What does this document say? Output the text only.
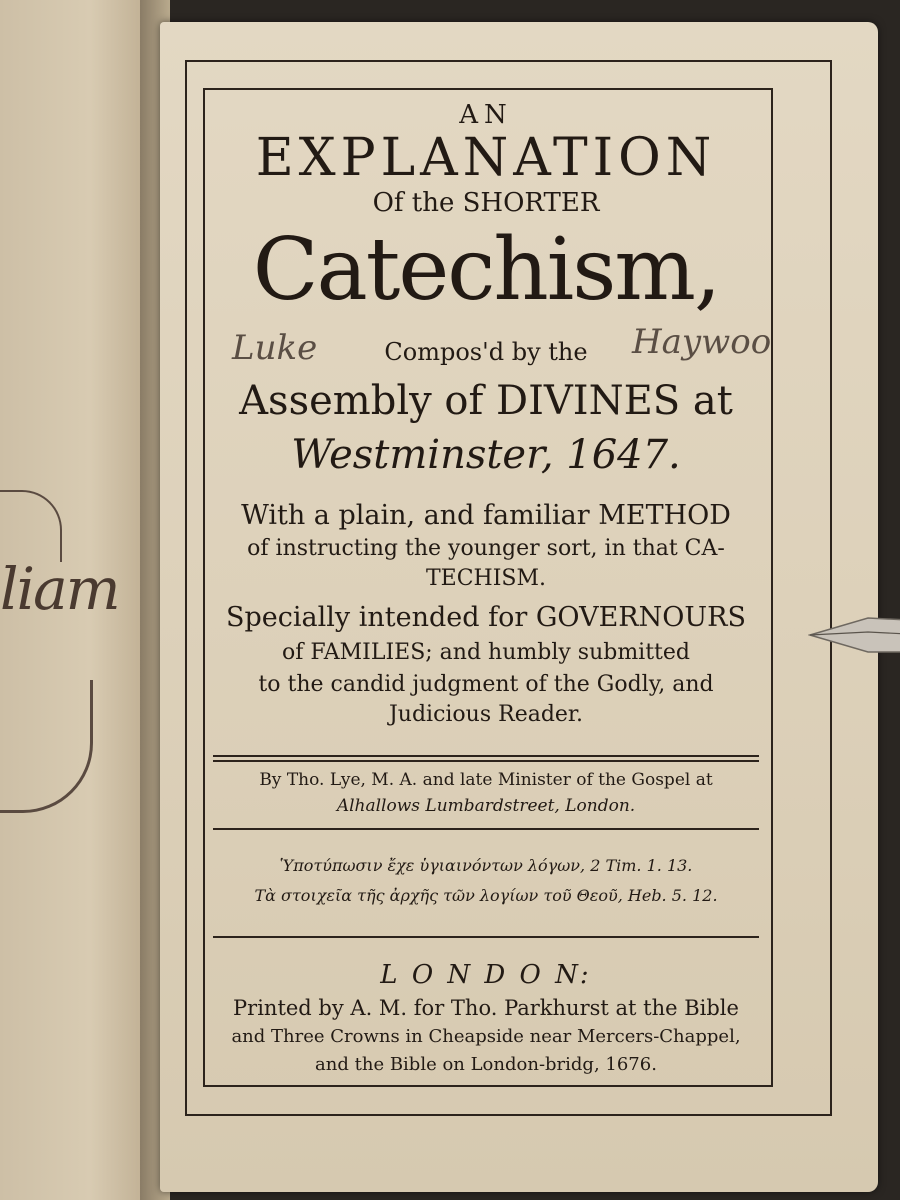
liam

AN

EXPLANATION

Of the SHORTER

Catechism,

Luke	Compos'd by the	Haywoo

Assembly of DIVINES at

Westminster, 1647.

With a plain, and familiar METHOD

of instructing the younger sort, in that CA-

TECHISM.

Specially intended for GOVERNOURS

of FAMILIES; and humbly submitted

to the candid judgment of the Godly, and

Judicious Reader.

By Tho. Lye, M. A. and late Minister of the Gospel at

Alhallows Lumbardstreet, London.

Ὑποτύπωσιν ἔχε ὑγιαινόντων λόγων, 2 Tim. 1. 13.

Τὰ στοιχεῖα τῆς ἀρχῆς τῶν λογίων τοῦ Θεοῦ, Heb. 5. 12.

L O N D O N:

Printed by A. M. for Tho. Parkhurst at the Bible

and Three Crowns in Cheapside near Mercers-Chappel,

and the Bible on London-bridg, 1676.
